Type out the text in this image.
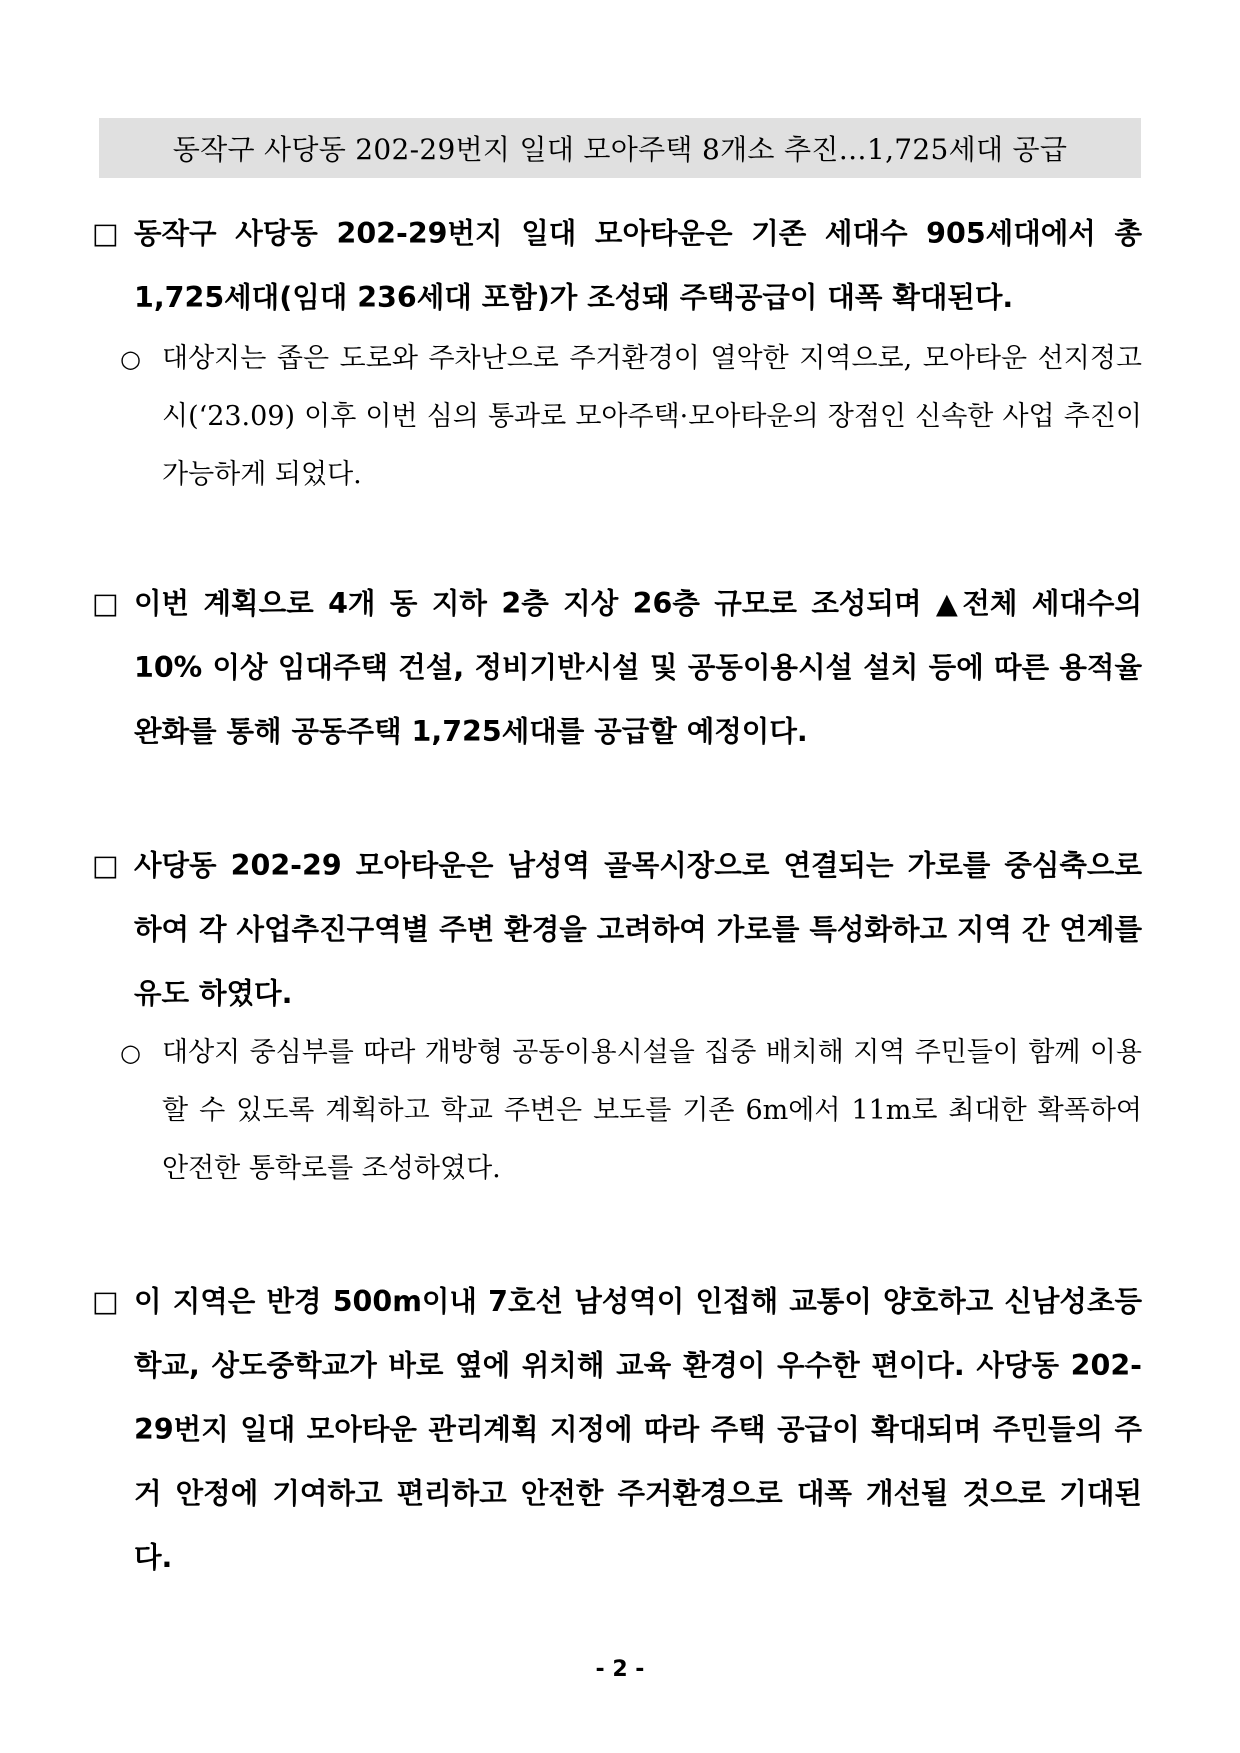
동작구 사당동 202-29번지 일대 모아주택 8개소 추진…1,725세대 공급
□ 동작구 사당동 202-29번지 일대 모아타운은 기존 세대수 905세대에서 총 1,725세대(임대 236세대 포함)가 조성돼 주택공급이 대폭 확대된다.
○ 대상지는 좁은 도로와 주차난으로 주거환경이 열악한 지역으로, 모아타운 선지정고시(‘23.09) 이후 이번 심의 통과로 모아주택·모아타운의 장점인 신속한 사업 추진이 가능하게 되었다.
□ 이번 계획으로 4개 동 지하 2층 지상 26층 규모로 조성되며 ▲전체 세대수의 10% 이상 임대주택 건설, 정비기반시설 및 공동이용시설 설치 등에 따른 용적율 완화를 통해 공동주택 1,725세대를 공급할 예정이다.
□ 사당동 202-29 모아타운은 남성역 골목시장으로 연결되는 가로를 중심축으로 하여 각 사업추진구역별 주변 환경을 고려하여 가로를 특성화하고 지역 간 연계를 유도 하였다.
○ 대상지 중심부를 따라 개방형 공동이용시설을 집중 배치해 지역 주민들이 함께 이용할 수 있도록 계획하고 학교 주변은 보도를 기존 6m에서 11m로 최대한 확폭하여 안전한 통학로를 조성하였다.
□ 이 지역은 반경 500m이내 7호선 남성역이 인접해 교통이 양호하고 신남성초등학교, 상도중학교가 바로 옆에 위치해 교육 환경이 우수한 편이다. 사당동 202-29번지 일대 모아타운 관리계획 지정에 따라 주택 공급이 확대되며 주민들의 주거 안정에 기여하고 편리하고 안전한 주거환경으로 대폭 개선될 것으로 기대된다.
- 2 -
